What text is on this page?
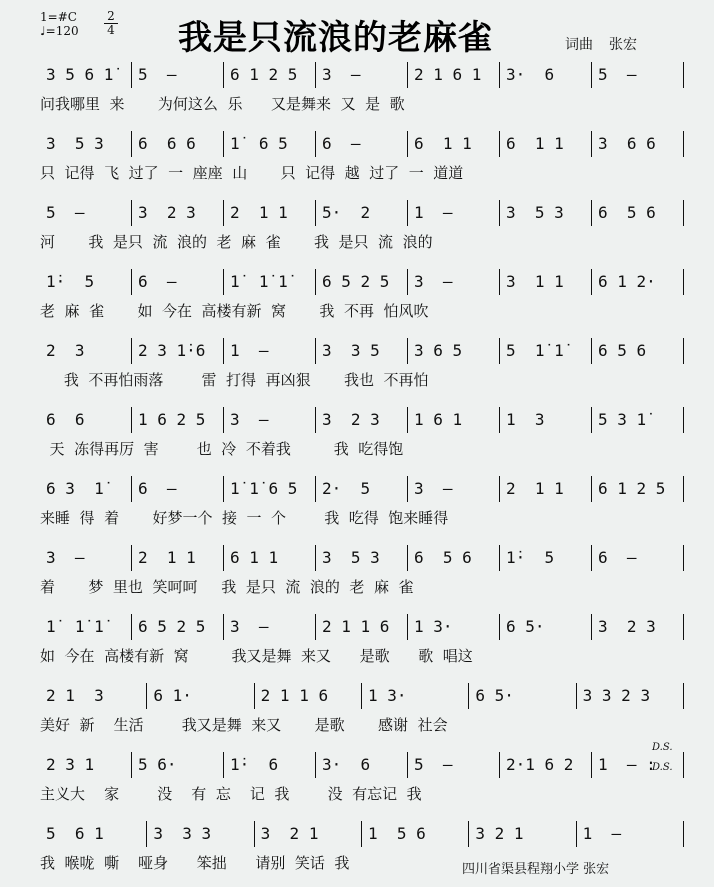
1=#C
♩=120
2
4 我是只流浪的老麻雀	词曲 张宏
3 5 6 1̇ 5  –	6 1 2 5 3  –	2 1 6 1 3·  6	5  –
问我哪里  来       为何这么  乐      又是舞来  又  是  歌
3  5 3 6  6 6 1̇  6 5 6  –	6  1 1 6  1 1 3  6 6
只  记得  飞  过了  一  座座  山       只  记得  越  过了  一  道道
5  –	3  2 3 2  1 1 5·  2	1  –	3  5 3 6  5 6
河       我  是只  流  浪的  老  麻  雀       我  是只  流  浪的
1̇·  5	6  –	1̇  1̇ 1̇ 6 5 2 5 3  –	3  1 1 6 1 2·
老  麻  雀       如  今在  高楼有新  窝       我  不再  怕风吹
2  3	2 3 1̇·6 1  –	3  3 5 3 6 5	5  1̇ 1̇ 6 5 6
我  不再怕雨落        雷  打得  再凶狠       我也  不再怕
6  6	1 6 2 5 3  –	3  2 3 1 6 1	1  3	5 3 1̇
天  冻得再厉  害        也  冷  不着我         我  吃得饱
6 3  1̇ 6  –	1̇ 1̇ 6 5 2·  5	3  –	2  1 1 6 1 2 5
来睡  得  着       好梦一个  接  一  个        我  吃得  饱来睡得
3  –	2  1 1 6 1 1	3  5 3 6  5 6 1̇·  5	6  –
着       梦  里也  笑呵呵     我  是只  流  浪的  老  麻  雀
1̇  1̇ 1̇ 6 5 2 5 3  –	2 1 1 6 1 3·	6 5·	3  2 3
如  今在  高楼有新  窝         我又是舞  来又      是歌      歌  唱这
2 1  3	6 1·	2 1 1 6 1 3·	6 5·	3 3 2 3
美好  新    生活        我又是舞  来又       是歌       感谢  社会
2 3 1	5 6·	1̇·  6	3·  6	5  –	2·1 6 2 1  – :
主义大    家        没    有  忘    记  我        没  有忘记  我
5  6 1	3  3 3	3  2 1	1  5 6	3 2 1	1  –
我  喉咙  嘶    哑身      笨拙      请别  笑话  我
D.S.
D.S.
四川省渠县程翔小学 张宏
